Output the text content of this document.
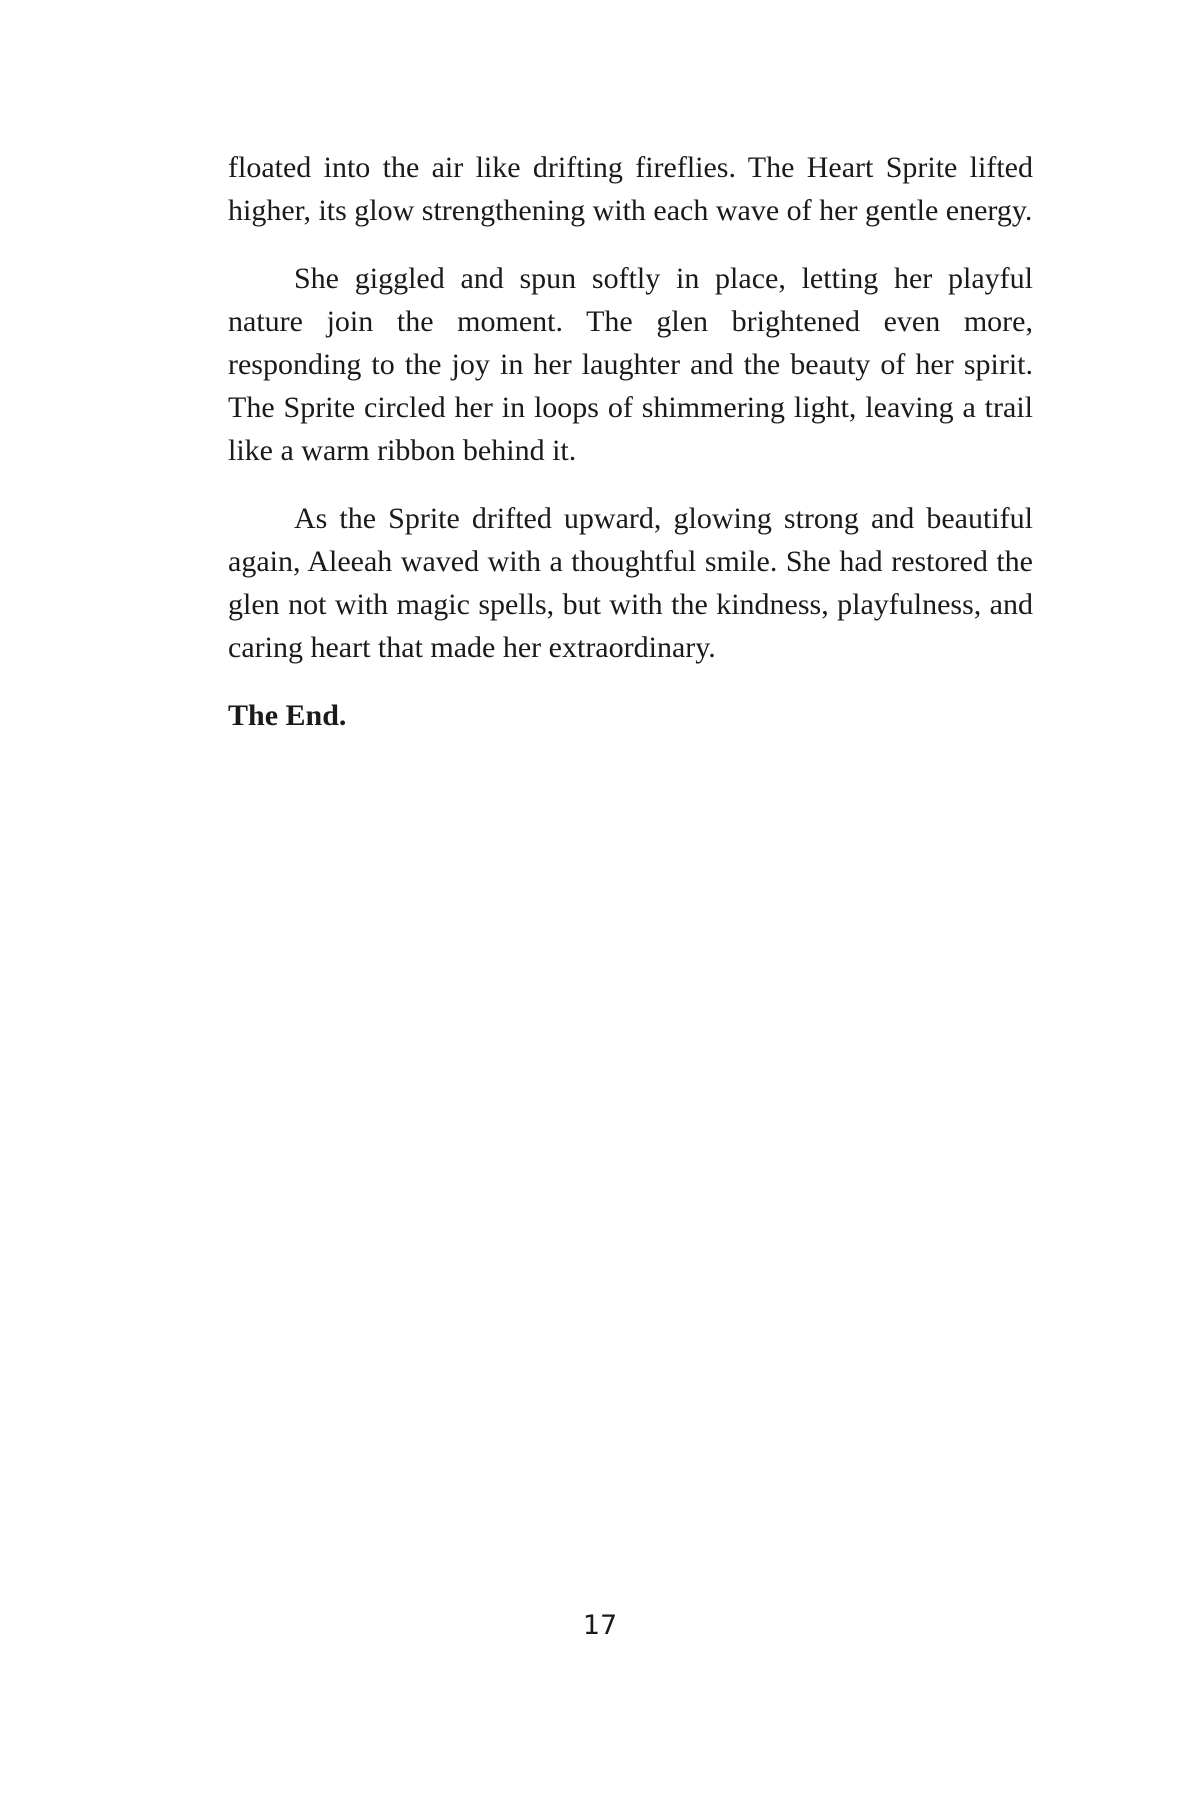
floated into the air like drifting fireflies. The Heart Sprite lifted higher, its glow strengthening with each wave of her gentle energy.

She giggled and spun softly in place, letting her playful nature join the moment. The glen brightened even more, responding to the joy in her laughter and the beauty of her spirit. The Sprite circled her in loops of shimmering light, leaving a trail like a warm ribbon behind it.

As the Sprite drifted upward, glowing strong and beautiful again, Aleeah waved with a thoughtful smile. She had restored the glen not with magic spells, but with the kindness, playfulness, and caring heart that made her extraordinary.

The End.

17
